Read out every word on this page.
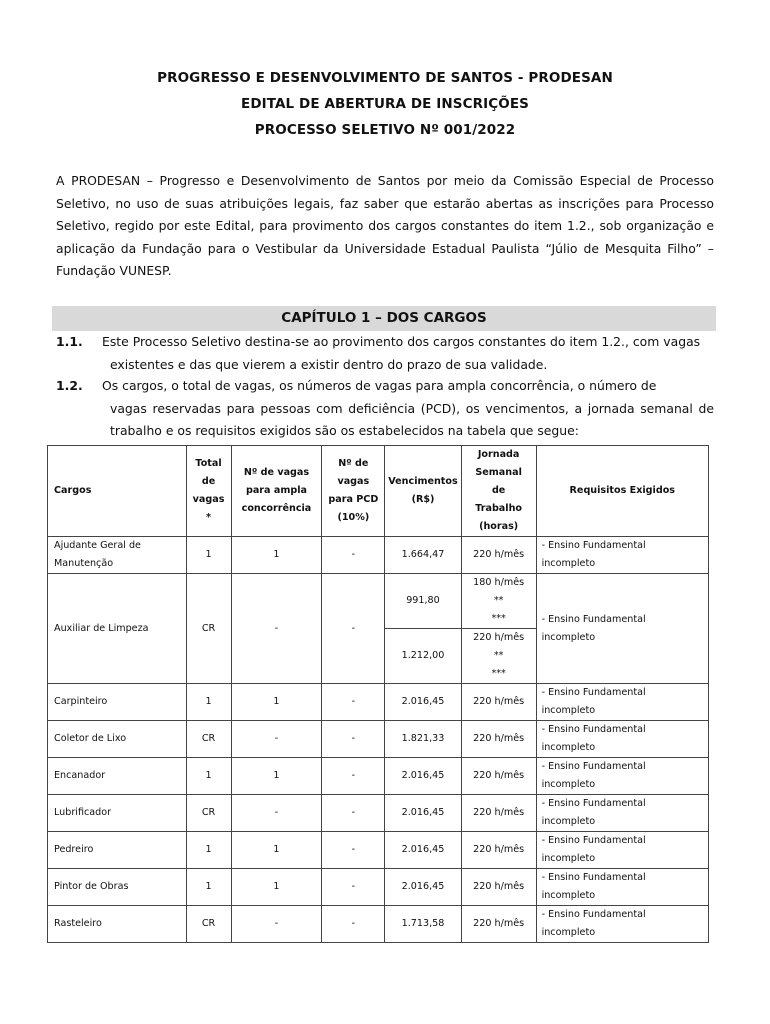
PROGRESSO E DESENVOLVIMENTO DE SANTOS - PRODESAN
EDITAL DE ABERTURA DE INSCRIÇÕES
PROCESSO SELETIVO Nº 001/2022
A PRODESAN – Progresso e Desenvolvimento de Santos por meio da Comissão Especial de Processo Seletivo, no uso de suas atribuições legais, faz saber que estarão abertas as inscrições para Processo Seletivo, regido por este Edital, para provimento dos cargos constantes do item 1.2., sob organização e aplicação da Fundação para o Vestibular da Universidade Estadual Paulista “Júlio de Mesquita Filho” – Fundação VUNESP.
CAPÍTULO 1 – DOS CARGOS
1.1.	Este Processo Seletivo destina-se ao provimento dos cargos constantes do item 1.2., com vagas
existentes e das que vierem a existir dentro do prazo de sua validade.
1.2.	Os cargos, o total de vagas, os números de vagas para ampla concorrência, o número de
vagas reservadas para pessoas com deficiência (PCD), os vencimentos, a jornada semanal de trabalho e os requisitos exigidos são os estabelecidos na tabela que segue:
Cargos	Total
de
vagas
*	Nº de vagas
para ampla
concorrência	Nº de
vagas
para PCD
(10%)	Vencimentos
(R$)	Jornada
Semanal
de
Trabalho
(horas)	Requisitos Exigidos

Ajudante Geral de
Manutenção	1	1	-	1.664,47	220 h/mês	- Ensino Fundamental
incompleto

Auxiliar de Limpeza	CR	-	-	991,80	180 h/mês
**
***	- Ensino Fundamental
incompleto

				1.212,00	220 h/mês
**
***	

Carpinteiro	1	1	-	2.016,45	220 h/mês	- Ensino Fundamental
incompleto

Coletor de Lixo	CR	-	-	1.821,33	220 h/mês	- Ensino Fundamental
incompleto

Encanador	1	1	-	2.016,45	220 h/mês	- Ensino Fundamental
incompleto

Lubrificador	CR	-	-	2.016,45	220 h/mês	- Ensino Fundamental
incompleto

Pedreiro	1	1	-	2.016,45	220 h/mês	- Ensino Fundamental
incompleto

Pintor de Obras	1	1	-	2.016,45	220 h/mês	- Ensino Fundamental
incompleto

Rasteleiro	CR	-	-	1.713,58	220 h/mês	- Ensino Fundamental
incompleto
